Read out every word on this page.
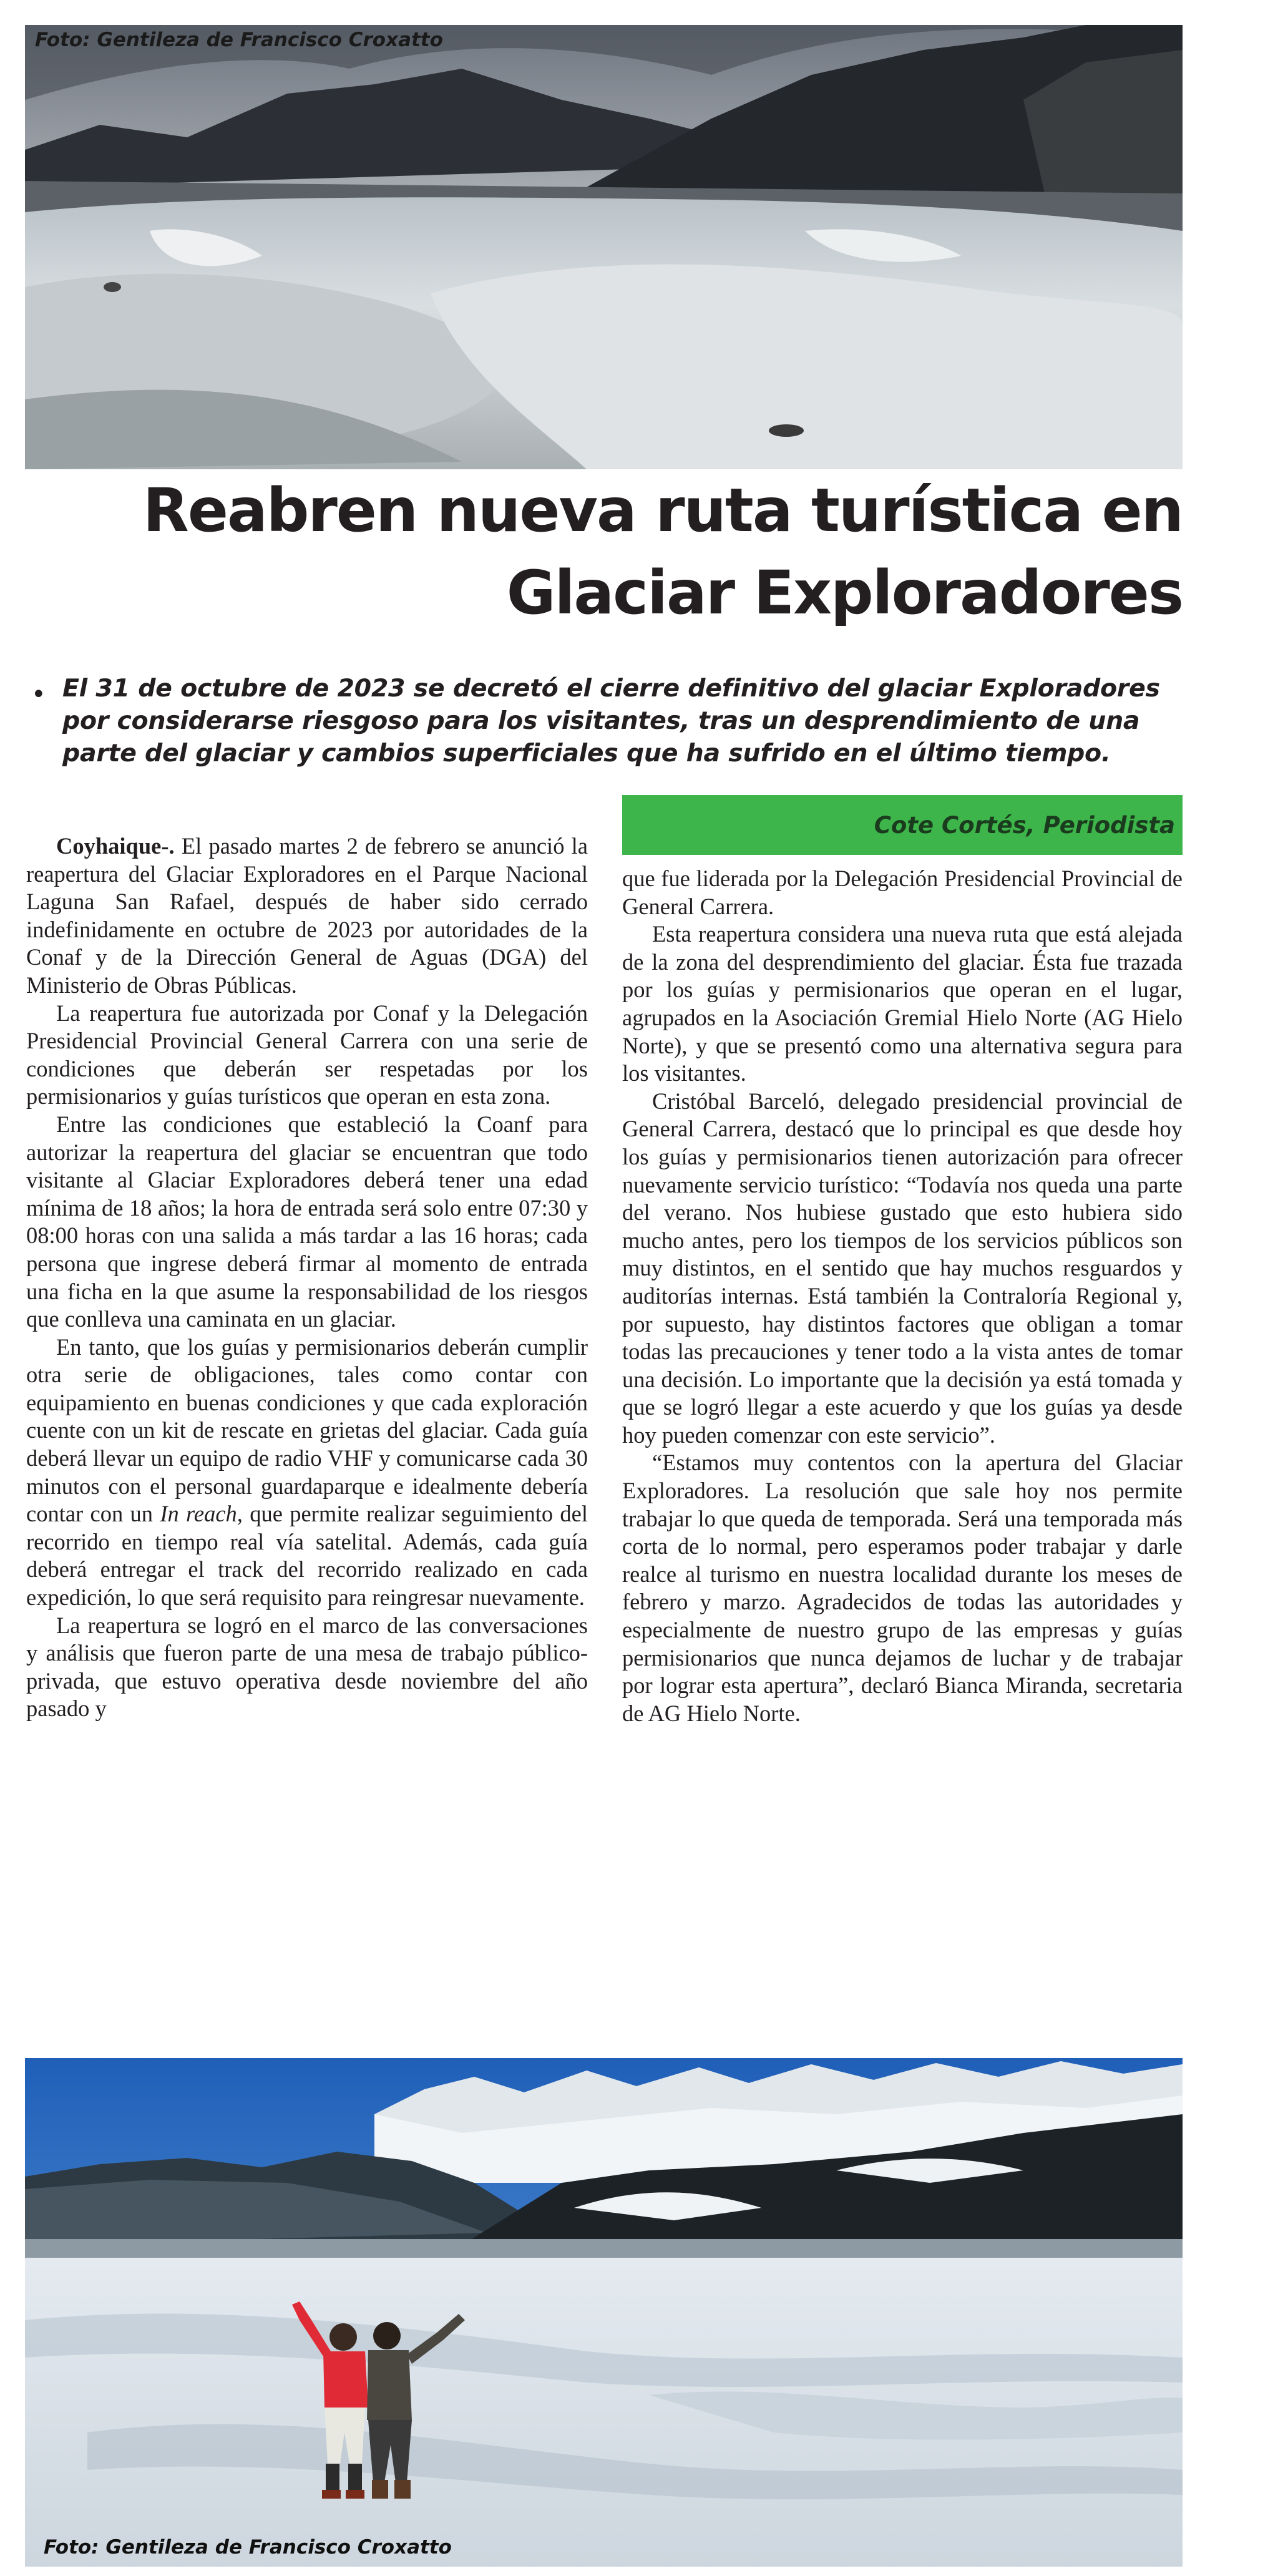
Foto: Gentileza de Francisco Croxatto
Reabren nueva ruta turística en
Glaciar Exploradores
• El 31 de octubre de 2023 se decretó el cierre definitivo del glaciar Exploradores por considerarse riesgoso para los visitantes, tras un desprendimiento de una parte del glaciar y cambios superficiales que ha sufrido en el último tiempo.

Cote Cortés, Periodista

Coyhaique-. El pasado martes 2 de febrero se anunció la reapertura del Glaciar Exploradores en el Parque Nacional Laguna San Rafael, después de haber sido cerrado indefinidamente en octubre de 2023 por autoridades de la Conaf y de la Dirección General de Aguas (DGA) del Ministerio de Obras Públicas.

La reapertura fue autorizada por Conaf y la Delegación Presidencial Provincial General Carrera con una serie de condiciones que deberán ser respetadas por los permisionarios y guías turísticos que operan en esta zona.

Entre las condiciones que estableció la Coanf para autorizar la reapertura del glaciar se encuentran que todo visitante al Glaciar Exploradores deberá tener una edad mínima de 18 años; la hora de entrada será solo entre 07:30 y 08:00 horas con una salida a más tardar a las 16 horas; cada persona que ingrese deberá firmar al momento de entrada una ficha en la que asume la responsabilidad de los riesgos que conlleva una caminata en un glaciar.

En tanto, que los guías y permisionarios deberán cumplir otra serie de obligaciones, tales como contar con equipamiento en buenas condiciones y que cada exploración cuente con un kit de rescate en grietas del glaciar. Cada guía deberá llevar un equipo de radio VHF y comunicarse cada 30 minutos con el personal guardaparque e idealmente debería contar con un In reach, que permite realizar seguimiento del recorrido en tiempo real vía satelital. Además, cada guía deberá entregar el track del recorrido realizado en cada expedición, lo que será requisito para reingresar nuevamente.

La reapertura se logró en el marco de las conversaciones y análisis que fueron parte de una mesa de trabajo público-privada, que estuvo operativa desde noviembre del año pasado y

que fue liderada por la Delegación Presidencial Provincial de General Carrera.

Esta reapertura considera una nueva ruta que está alejada de la zona del desprendimiento del glaciar. Ésta fue trazada por los guías y permisionarios que operan en el lugar, agrupados en la Asociación Gremial Hielo Norte (AG Hielo Norte), y que se presentó como una alternativa segura para los visitantes.

Cristóbal Barceló, delegado presidencial provincial de General Carrera, destacó que lo principal es que desde hoy los guías y permisionarios tienen autorización para ofrecer nuevamente servicio turístico: “Todavía nos queda una parte del verano. Nos hubiese gustado que esto hubiera sido mucho antes, pero los tiempos de los servicios públicos son muy distintos, en el sentido que hay muchos resguardos y auditorías internas. Está también la Contraloría Regional y, por supuesto, hay distintos factores que obligan a tomar todas las precauciones y tener todo a la vista antes de tomar una decisión. Lo importante que la decisión ya está tomada y que se logró llegar a este acuerdo y que los guías ya desde hoy pueden comenzar con este servicio”.

“Estamos muy contentos con la apertura del Glaciar Exploradores. La resolución que sale hoy nos permite trabajar lo que queda de temporada. Será una temporada más corta de lo normal, pero esperamos poder trabajar y darle realce al turismo en nuestra localidad durante los meses de febrero y marzo. Agradecidos de todas las autoridades y especialmente de nuestro grupo de las empresas y guías permisionarios que nunca dejamos de luchar y de trabajar por lograr esta apertura”, declaró Bianca Miranda, secretaria de AG Hielo Norte.

Foto: Gentileza de Francisco Croxatto
